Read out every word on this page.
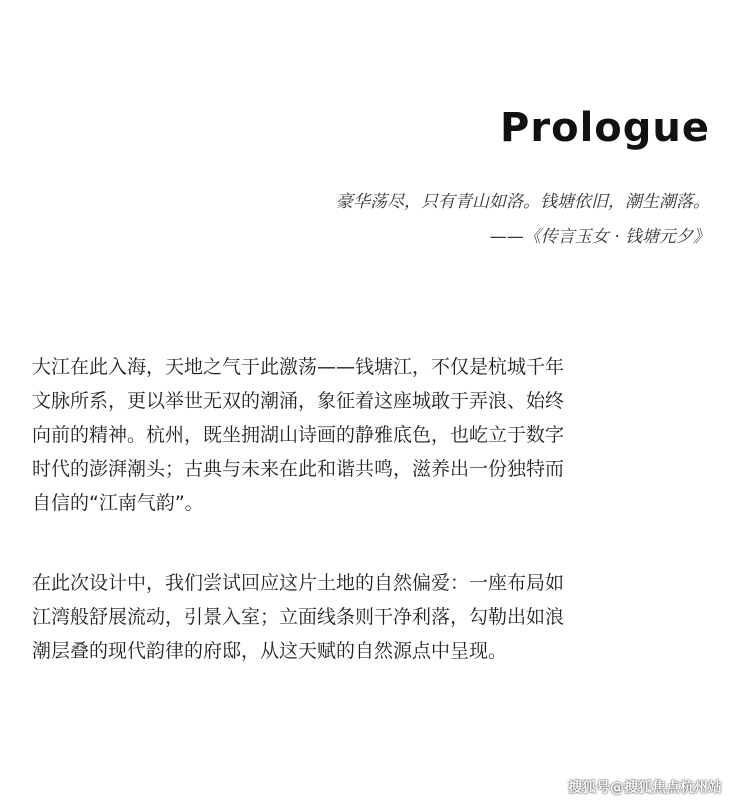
Prologue
豪华荡尽，只有青山如洛。钱塘依旧，潮生潮落。
——《传言玉女 · 钱塘元夕》
大江在此入海，天地之气于此激荡——钱塘江，不仅是杭城千年
文脉所系，更以举世无双的潮涌，象征着这座城敢于弄浪、始终
向前的精神。杭州，既坐拥湖山诗画的静雅底色，也屹立于数字
时代的澎湃潮头；古典与未来在此和谐共鸣，滋养出一份独特而
自信的“江南气韵”。
在此次设计中，我们尝试回应这片土地的自然偏爱：一座布局如
江湾般舒展流动，引景入室；立面线条则干净利落，勾勒出如浪
潮层叠的现代韵律的府邸，从这天赋的自然源点中呈现。
搜狐号@搜狐焦点杭州站
